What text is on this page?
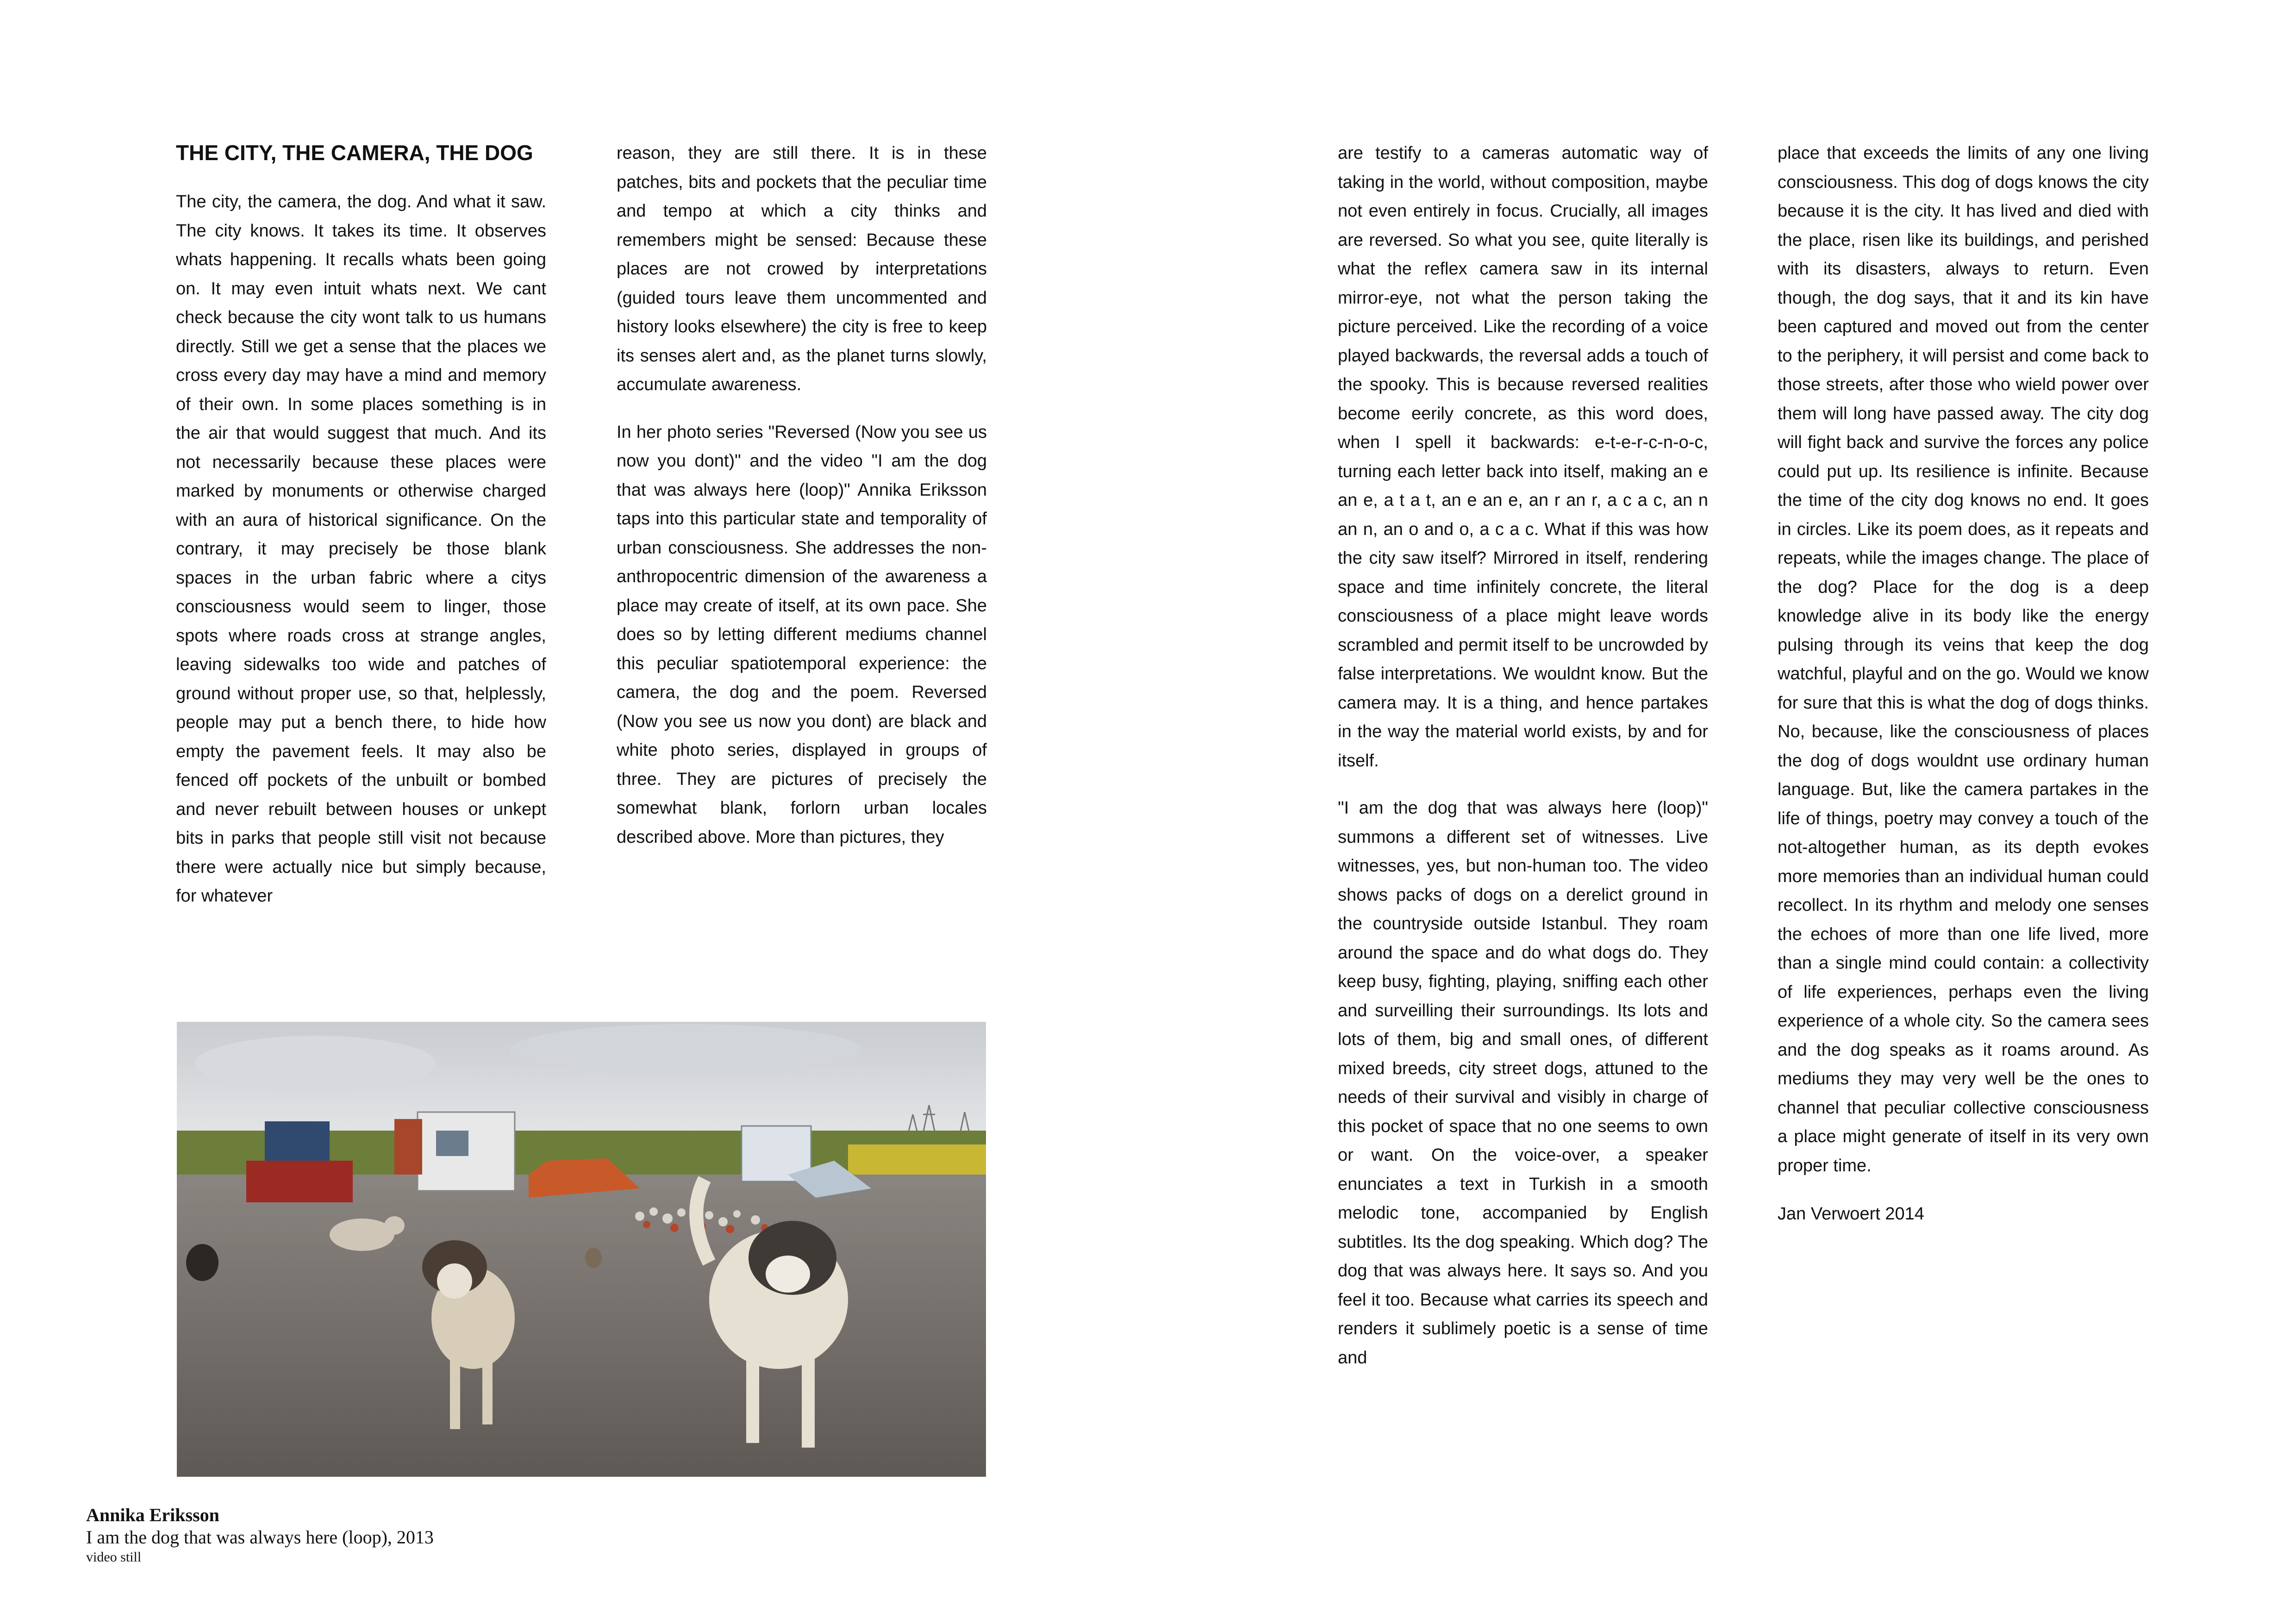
THE CITY, THE CAMERA, THE DOG

The city, the camera, the dog. And what it saw. The city knows. It takes its time. It observes whats happening. It recalls whats been going on. It may even intuit whats next. We cant check because the city wont talk to us humans directly. Still we get a sense that the places we cross every day may have a mind and memory of their own. In some places something is in the air that would suggest that much. And its not necessarily because these places were marked by monuments or otherwise charged with an aura of historical significance. On the contrary, it may precisely be those blank spaces in the urban fabric where a citys consciousness would seem to linger, those spots where roads cross at strange angles, leaving sidewalks too wide and patches of ground without proper use, so that, helplessly, people may put a bench there, to hide how empty the pavement feels. It may also be fenced off pockets of the unbuilt or bombed and never rebuilt between houses or unkept bits in parks that people still visit not because there were actually nice but simply because, for whatever

reason, they are still there. It is in these patches, bits and pockets that the peculiar time and tempo at which a city thinks and remembers might be sensed: Because these places are not crowed by interpretations (guided tours leave them uncommented and history looks elsewhere) the city is free to keep its senses alert and, as the planet turns slowly, accumulate awareness.

In her photo series "Reversed (Now you see us now you dont)" and the video "I am the dog that was always here (loop)" Annika Eriksson taps into this particular state and temporality of urban consciousness. She addresses the non-anthropocentric dimension of the awareness a place may create of itself, at its own pace. She does so by letting different mediums channel this peculiar spatiotemporal experience: the camera, the dog and the poem. Reversed (Now you see us now you dont) are black and white photo series, displayed in groups of three. They are pictures of precisely the somewhat blank, forlorn urban locales described above. More than pictures, they

are testify to a cameras automatic way of taking in the world, without composition, maybe not even entirely in focus. Crucially, all images are reversed. So what you see, quite literally is what the reflex camera saw in its internal mirror-eye, not what the person taking the picture perceived. Like the recording of a voice played backwards, the reversal adds a touch of the spooky. This is because reversed realities become eerily concrete, as this word does, when I spell it backwards: e-t-e-r-c-n-o-c, turning each letter back into itself, making an e an e, a t a t, an e an e, an r an r, a c a c, an n an n, an o and o, a c a c. What if this was how the city saw itself? Mirrored in itself, rendering space and time infinitely concrete, the literal consciousness of a place might leave words scrambled and permit itself to be uncrowded by false interpretations. We wouldnt know. But the camera may. It is a thing, and hence partakes in the way the material world exists, by and for itself.

"I am the dog that was always here (loop)" summons a different set of witnesses. Live witnesses, yes, but non-human too. The video shows packs of dogs on a derelict ground in the countryside outside Istanbul. They roam around the space and do what dogs do. They keep busy, fighting, playing, sniffing each other and surveilling their surroundings. Its lots and lots of them, big and small ones, of different mixed breeds, city street dogs, attuned to the needs of their survival and visibly in charge of this pocket of space that no one seems to own or want. On the voice-over, a speaker enunciates a text in Turkish in a smooth melodic tone, accompanied by English subtitles. Its the dog speaking. Which dog? The dog that was always here. It says so. And you feel it too. Because what carries its speech and renders it sublimely poetic is a sense of time and

place that exceeds the limits of any one living consciousness. This dog of dogs knows the city because it is the city. It has lived and died with the place, risen like its buildings, and perished with its disasters, always to return. Even though, the dog says, that it and its kin have been captured and moved out from the center to the periphery, it will persist and come back to those streets, after those who wield power over them will long have passed away. The city dog will fight back and survive the forces any police could put up. Its resilience is infinite. Because the time of the city dog knows no end. It goes in circles. Like its poem does, as it repeats and repeats, while the images change. The place of the dog? Place for the dog is a deep knowledge alive in its body like the energy pulsing through its veins that keep the dog watchful, playful and on the go. Would we know for sure that this is what the dog of dogs thinks. No, because, like the consciousness of places the dog of dogs wouldnt use ordinary human language. But, like the camera partakes in the life of things, poetry may convey a touch of the not-altogether human, as its depth evokes more memories than an individual human could recollect. In its rhythm and melody one senses the echoes of more than one life lived, more than a single mind could contain: a collectivity of life experiences, perhaps even the living experience of a whole city. So the camera sees and the dog speaks as it roams around. As mediums they may very well be the ones to channel that peculiar collective consciousness a place might generate of itself in its very own proper time.

Jan Verwoert 2014

Annika Eriksson
I am the dog that was always here (loop), 2013
video still
